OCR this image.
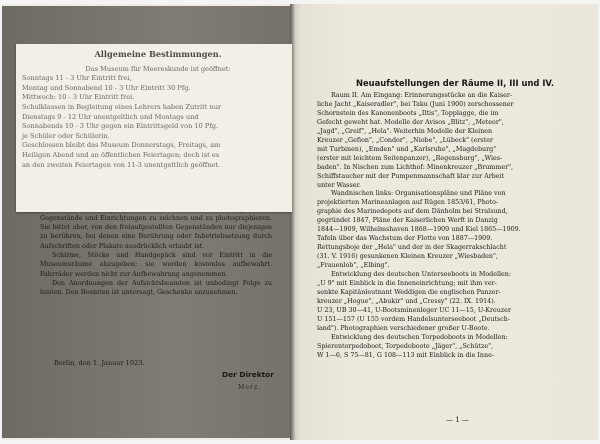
Allgemeine Bestimmungen.
Das Museum für Meereskunde ist geöffnet:
Sonntags 11 - 3 Uhr Eintritt frei,
Montag und Sonnabend 10 - 3 Uhr Eintritt 30 Pfg.
Mittwoch: 10 - 3 Uhr Eintritt frei.
Schulklassen in Begleitung eines Lehrers haben Zutritt nur
Dienstags 9 - 12 Uhr unentgeltlich und Montags und
Sonnabends 10 - 3 Uhr gegen ein Eintrittsgeld von 10 Pfg.
je Schüler oder Schülerin.
Geschlossen bleibt das Museum Donnerstags, Freitags, am
Heiligen Abend und an öffentlichen Feiertagen; doch ist es
an den zweiten Feiertagen von 11-3 unentgeltlich geöffnet.

Gegenstände und Einrichtungen zu zeichnen und zu photographieren. Sie bittet aber, von den freiaufgestellten Gegenständen nur diejenigen zu berühren, bei denen eine Berührung oder Inbetriebsetzung durch Aufschriften oder Plakate ausdrücklich erlaubt ist.

Schirme, Stöcke und Handgepäck sind vor Eintritt in die Museumsräume abzugeben; sie werden kostenlos aufbewahrt. Fahrräder werden nicht zur Aufbewahrung angenommen.

Den Anordnungen der Aufsichtsbeamten ist unbedingt Folge zu leisten. Den Beamten ist untersagt, Geschenke anzunehmen.

Berlin, den 1. Januar 1923.
Der Direktor
Merz.
Neuaufstellungen der Räume II, III und IV.
Raum II. Am Eingang: Erinnerungsstücke an die Kaiser-
liche Jacht „Kaiseradler", bei Taku (Juni 1900) zerschossener
Schornstein des Kanonenboots „Iltis", Topplagge, die im
Gefecht geweht hat. Modelle der Avisos „Blitz", „Meteor",
„Jagd", „Greif", „Hela". Weiterhin Modelle der Kleinen
Kreuzer „Gefion", „Condor", „Niobe", „Lübeck" (erster
mit Turbinen), „Emden" und „Karlsruhe", „Magdeburg"
(erster mit leichtem Seitenpanzer), „Regensburg", „Wies-
baden". In Nischen zum Lichthof: Minenkreuzer „Brummer",
Schiffstaucher mit der Pumpenmannschaft klar zur Arbeit
unter Wasser.
Wandnischen links: Organisationspläne und Pläne von
projektierten Marineanlagen auf Rügen 1853/61, Photo-
graphie des Marinedepots auf dem Dänholm bei Stralsund,
gegründet 1847, Pläne der Kaiserlichen Werft in Danzig
1844—1909, Wilhelmshaven 1868—1909 und Kiel 1865—1909.
Tafeln über das Wachstum der Flotte von 1887—1909.
Rettungsboje der „Hela" und der in der Skagerrakschlacht
(31. V. 1916) gesunkenen Kleinen Kreuzer „Wiesbaden",
„Frauenlob", „Elbing".
Entwicklung des deutschen Unterseeboots in Modellen:
„U 9" mit Einblick in die Inneneinrichtung; mit ihm ver-
senkte Kapitänleutnant Weddigen die englischen Panzer-
kreuzer „Hogue", „Abukir" und „Cressy" (22. IX. 1914).
U 23, UB 30—41, U-Bootsminenleger UC 11—15, U-Kreuzer
U 151—157 (U 155 vordem Handelsunterseeboot „Deutsch-
land"). Photographien verschiedener großer U-Boote.
Entwicklung des deutschen Torpedoboots in Modellen:
Spierentorpedoboot, Torpedoboote „Jäger", „Schütze",
W 1—6, S 75—81, G 108—113 mit Einblick in die Inne-
— 1 —
